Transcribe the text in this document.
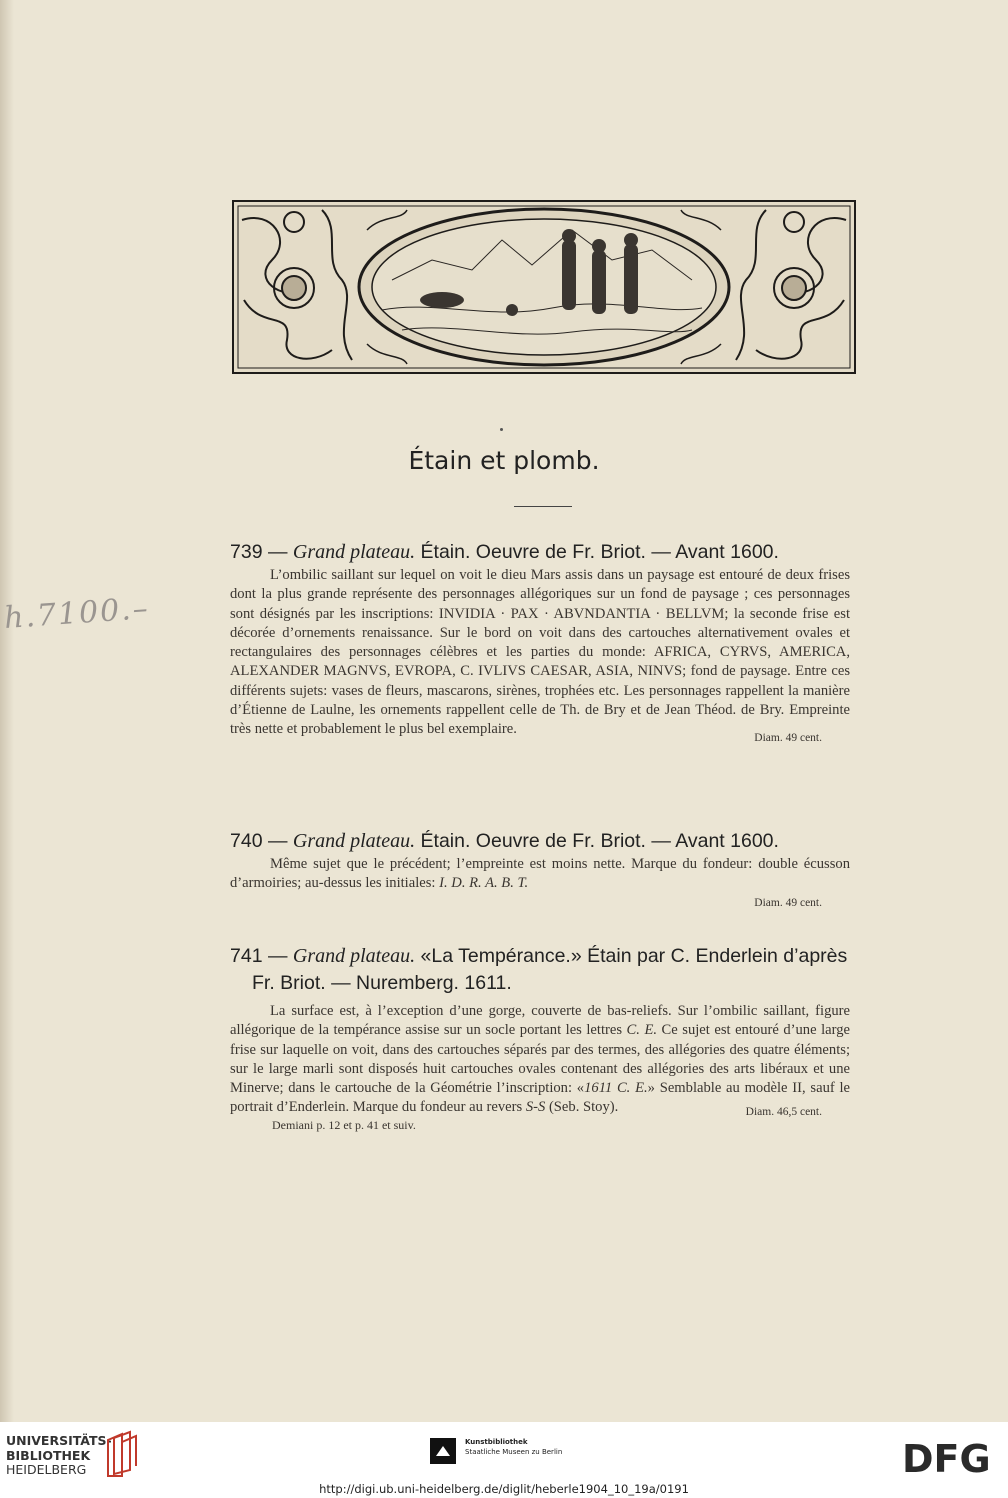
Étain et plomb.
h.7100.–
739 — Grand plateau. Étain. Oeuvre de Fr. Briot. — Avant 1600.

L’ombilic saillant sur lequel on voit le dieu Mars assis dans un paysage est entouré de deux frises dont la plus grande représente des personnages allégoriques sur un fond de paysage ; ces personnages sont désignés par les inscriptions: INVIDIA · PAX · ABVNDANTIA · BELLVM; la seconde frise est décorée d’ornements renaissance. Sur le bord on voit dans des cartouches alternativement ovales et rectangulaires des personnages célèbres et les parties du monde: AFRICA, CYRVS, AMERICA, ALEXANDER MAGNVS, EVROPA, C. IVLIVS CAESAR, ASIA, NINVS; fond de paysage. Entre ces différents sujets: vases de fleurs, mascarons, sirènes, trophées etc. Les personnages rappellent la manière d’Étienne de Laulne, les ornements rappellent celle de Th. de Bry et de Jean Théod. de Bry. Empreinte très nette et probablement le plus bel exemplaire.

Diam. 49 cent.
740 — Grand plateau. Étain. Oeuvre de Fr. Briot. — Avant 1600.

Même sujet que le précédent; l’empreinte est moins nette. Marque du fondeur: double écusson d’armoiries; au-dessus les initiales: I. D. R. A. B. T.

Diam. 49 cent.
741 — Grand plateau. «La Tempérance.» Étain par C. Enderlein d’après
Fr. Briot. — Nuremberg. 1611.

La surface est, à l’exception d’une gorge, couverte de bas-reliefs. Sur l’ombilic saillant, figure allégorique de la tempérance assise sur un socle portant les lettres C. E. Ce sujet est entouré d’une large frise sur laquelle on voit, dans des cartouches séparés par des termes, des allégories des quatre éléments; sur le large marli sont disposés huit cartouches ovales contenant des allégories des arts libéraux et une Minerve; dans le cartouche de la Géométrie l’inscription: «1611 C. E.» Semblable au modèle II, sauf le portrait d’Enderlein. Marque du fondeur au revers S-S (Seb. Stoy).	Diam. 46,5 cent.
Demiani p. 12 et p. 41 et suiv.
UNIVERSITÄTS-
BIBLIOTHEK
HEIDELBERG
Kunstbibliothek
Staatliche Museen zu Berlin	DFG
http://digi.ub.uni-heidelberg.de/diglit/heberle1904_10_19a/0191
